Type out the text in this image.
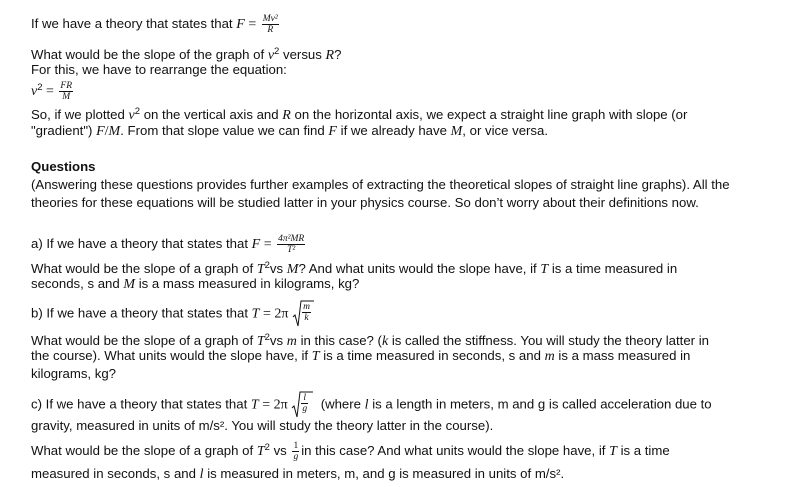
If we have a theory that states that $F = \frac{\text{Mv²}}{R}$
What would be the slope of the graph of $v^2$ versus R?
For this, we have to rearrange the equation:
$v^2 = \frac{FR}{M}$
So, if we plotted $v^2$ on the vertical axis and R on the horizontal axis, we expect a straight line graph with slope (or
"gradient") F/M. From that slope value we can find F if we already have M, or vice versa.
Questions
(Answering these questions provides further examples of extracting the theoretical slopes of straight line graphs). All the
theories for these equations will be studied latter in your physics course. So don’t worry about their definitions now.
a) If we have a theory that states that $F = \frac{\text{4π²MR}}{\text{T²}}$
What would be the slope of a graph of $T^2vs$ M? And what units would the slope have, if T is a time measured in
seconds, s and M is a mass measured in kilograms, kg?
b) If we have a theory that states that $T = 2\pi \frac{m}{k}$
What would be the slope of a graph of $T^2vs$ m in this case? (k is called the stiffness. You will study the theory latter in
the course). What units would the slope have, if T is a time measured in seconds, s and m is a mass measured in
kilograms, kg?
c) If we have a theory that states that $T = 2\pi \frac{l}{g}$ (where l is a length in meters, m and g is called acceleration due to
gravity, measured in units of m/s². You will study the theory latter in the course).
What would be the slope of a graph of $T^2$ vs $\frac{1}{g}$ in this case? And what units would the slope have, if T is a time
measured in seconds, s and l is measured in meters, m, and g is measured in units of m/s².
